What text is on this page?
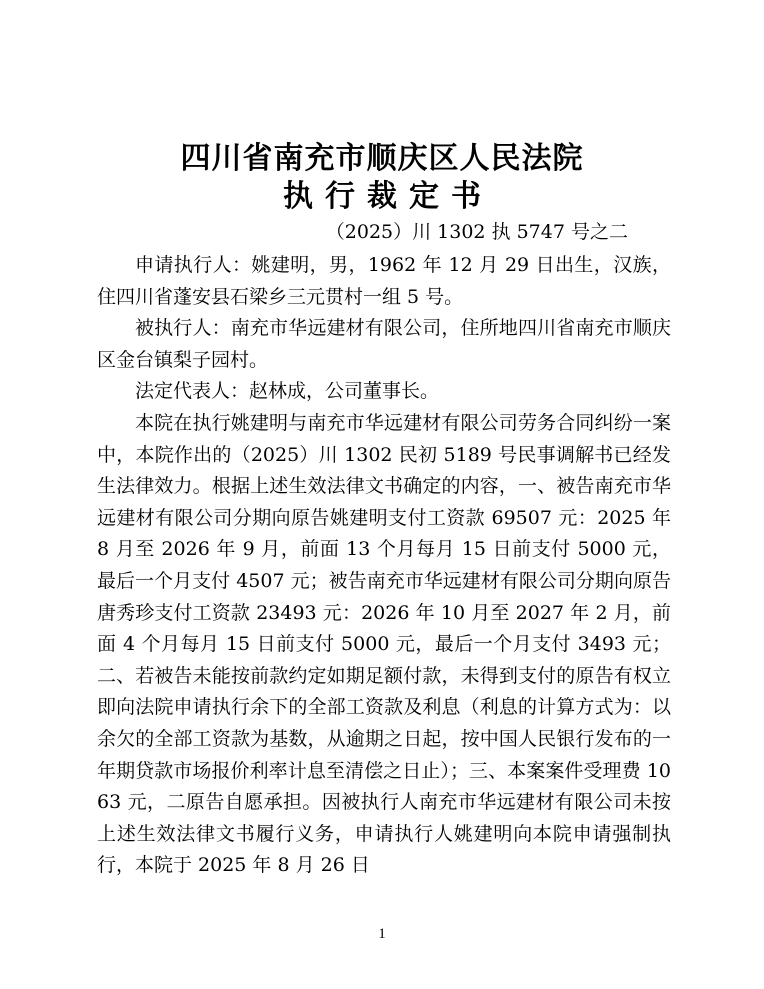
四川省南充市顺庆区人民法院
执行裁定书
（2025）川 1302 执 5747 号之二

申请执行人：姚建明，男，1962 年 12 月 29 日出生，汉族，住四川省蓬安县石梁乡三元贯村一组 5 号。

被执行人：南充市华远建材有限公司，住所地四川省南充市顺庆区金台镇梨子园村。

法定代表人：赵林成，公司董事长。

本院在执行姚建明与南充市华远建材有限公司劳务合同纠纷一案中，本院作出的（2025）川 1302 民初 5189 号民事调解书已经发生法律效力。根据上述生效法律文书确定的内容，一、被告南充市华远建材有限公司分期向原告姚建明支付工资款 69507 元：2025 年 8 月至 2026 年 9 月，前面 13 个月每月 15 日前支付 5000 元，最后一个月支付 4507 元；被告南充市华远建材有限公司分期向原告唐秀珍支付工资款 23493 元：2026 年 10 月至 2027 年 2 月，前面 4 个月每月 15 日前支付 5000 元，最后一个月支付 3493 元；二、若被告未能按前款约定如期足额付款，未得到支付的原告有权立即向法院申请执行余下的全部工资款及利息（利息的计算方式为：以余欠的全部工资款为基数，从逾期之日起，按中国人民银行发布的一年期贷款市场报价利率计息至清偿之日止）；三、本案案件受理费 1063 元，二原告自愿承担。因被执行人南充市华远建材有限公司未按上述生效法律文书履行义务，申请执行人姚建明向本院申请强制执行，本院于 2025 年 8 月 26 日

1
